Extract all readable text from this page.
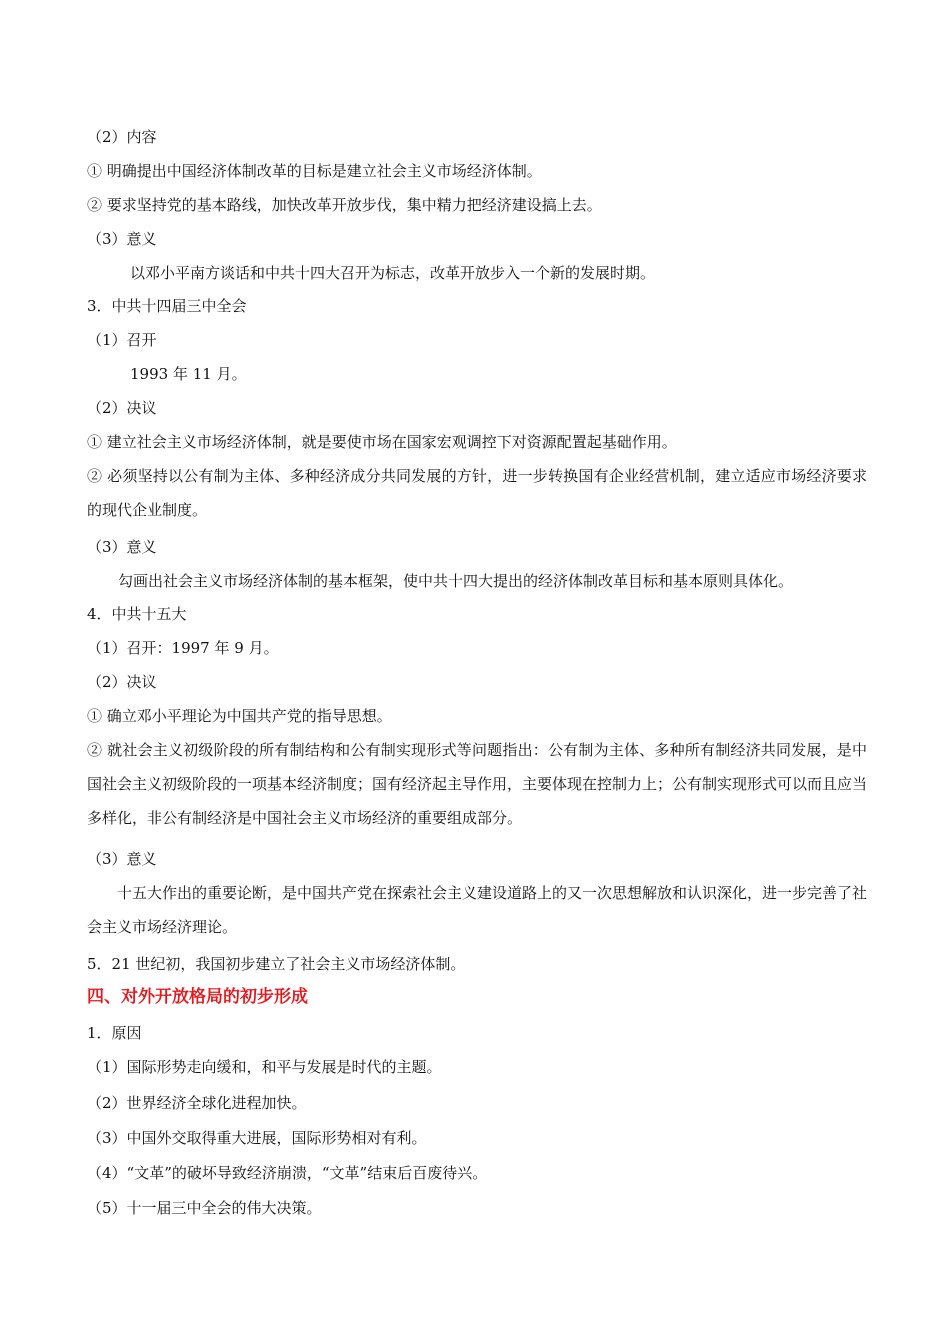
（2）内容
① 明确提出中国经济体制改革的目标是建立社会主义市场经济体制。
② 要求坚持党的基本路线，加快改革开放步伐，集中精力把经济建设搞上去。
（3）意义
以邓小平南方谈话和中共十四大召开为标志，改革开放步入一个新的发展时期。
3．中共十四届三中全会
（1）召开
1993 年 11 月。
（2）决议
① 建立社会主义市场经济体制，就是要使市场在国家宏观调控下对资源配置起基础作用。
② 必须坚持以公有制为主体、多种经济成分共同发展的方针，进一步转换国有企业经营机制，建立适应市场经济要求的现代企业制度。
（3）意义
勾画出社会主义市场经济体制的基本框架，使中共十四大提出的经济体制改革目标和基本原则具体化。
4．中共十五大
（1）召开：1997 年 9 月。
（2）决议
① 确立邓小平理论为中国共产党的指导思想。
② 就社会主义初级阶段的所有制结构和公有制实现形式等问题指出：公有制为主体、多种所有制经济共同发展，是中国社会主义初级阶段的一项基本经济制度；国有经济起主导作用，主要体现在控制力上；公有制实现形式可以而且应当多样化，非公有制经济是中国社会主义市场经济的重要组成部分。
（3）意义
十五大作出的重要论断，是中国共产党在探索社会主义建设道路上的又一次思想解放和认识深化，进一步完善了社会主义市场经济理论。
5．21 世纪初，我国初步建立了社会主义市场经济体制。
四、对外开放格局的初步形成
1．原因
（1）国际形势走向缓和，和平与发展是时代的主题。
（2）世界经济全球化进程加快。
（3）中国外交取得重大进展，国际形势相对有利。
（4）“文革”的破坏导致经济崩溃，“文革”结束后百废待兴。
（5）十一届三中全会的伟大决策。
